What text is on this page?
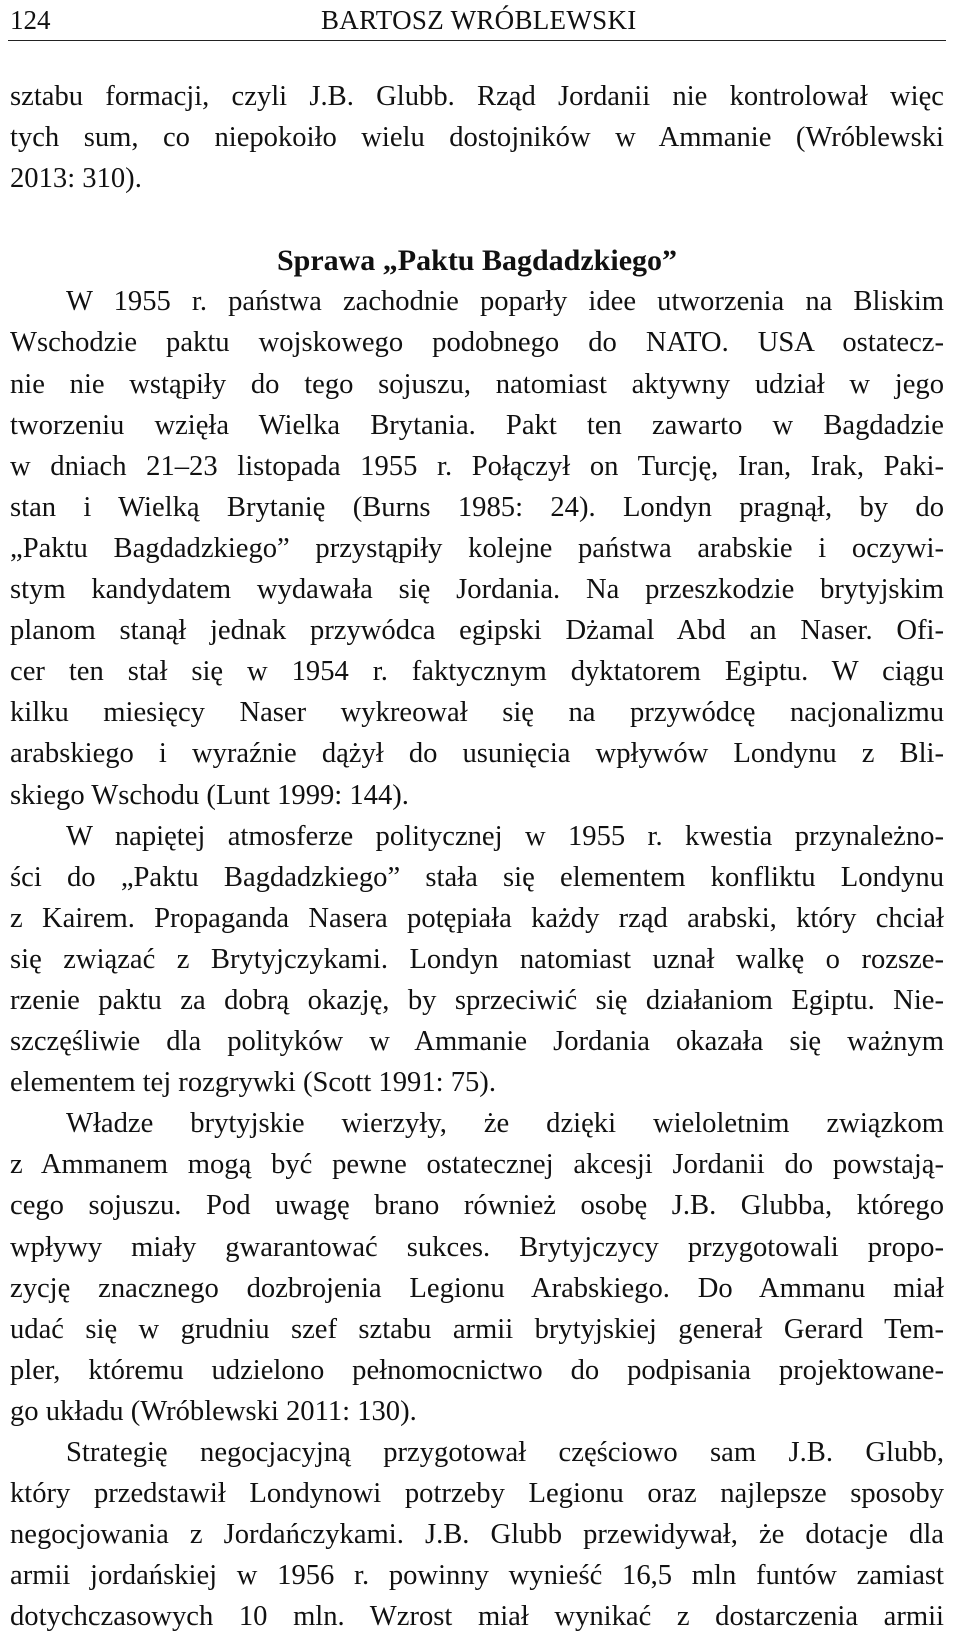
124	BARTOSZ WRÓBLEWSKI
sztabu formacji, czyli J.B. Glubb. Rząd Jordanii nie kontrolował więc
tych sum, co niepokoiło wielu dostojników w Ammanie (Wróblewski
2013: 310).
Sprawa „Paktu Bagdadzkiego”
W 1955 r. państwa zachodnie poparły idee utworzenia na Bliskim
Wschodzie paktu wojskowego podobnego do NATO. USA ostatecz-
nie nie wstąpiły do tego sojuszu, natomiast aktywny udział w jego
tworzeniu wzięła Wielka Brytania. Pakt ten zawarto w Bagdadzie
w dniach 21–23 listopada 1955 r. Połączył on Turcję, Iran, Irak, Paki-
stan i Wielką Brytanię (Burns 1985: 24). Londyn pragnął, by do
„Paktu Bagdadzkiego” przystąpiły kolejne państwa arabskie i oczywi-
stym kandydatem wydawała się Jordania. Na przeszkodzie brytyjskim
planom stanął jednak przywódca egipski Dżamal Abd an Naser. Ofi-
cer ten stał się w 1954 r. faktycznym dyktatorem Egiptu. W ciągu
kilku miesięcy Naser wykreował się na przywódcę nacjonalizmu
arabskiego i wyraźnie dążył do usunięcia wpływów Londynu z Bli-
skiego Wschodu (Lunt 1999: 144).
W napiętej atmosferze politycznej w 1955 r. kwestia przynależno-
ści do „Paktu Bagdadzkiego” stała się elementem konfliktu Londynu
z Kairem. Propaganda Nasera potępiała każdy rząd arabski, który chciał
się związać z Brytyjczykami. Londyn natomiast uznał walkę o rozsze-
rzenie paktu za dobrą okazję, by sprzeciwić się działaniom Egiptu. Nie-
szczęśliwie dla polityków w Ammanie Jordania okazała się ważnym
elementem tej rozgrywki (Scott 1991: 75).
Władze brytyjskie wierzyły, że dzięki wieloletnim związkom
z Ammanem mogą być pewne ostatecznej akcesji Jordanii do powstają-
cego sojuszu. Pod uwagę brano również osobę J.B. Glubba, którego
wpływy miały gwarantować sukces. Brytyjczycy przygotowali propo-
zycję znacznego dozbrojenia Legionu Arabskiego. Do Ammanu miał
udać się w grudniu szef sztabu armii brytyjskiej generał Gerard Tem-
pler, któremu udzielono pełnomocnictwo do podpisania projektowane-
go układu (Wróblewski 2011: 130).
Strategię negocjacyjną przygotował częściowo sam J.B. Glubb,
który przedstawił Londynowi potrzeby Legionu oraz najlepsze sposoby
negocjowania z Jordańczykami. J.B. Glubb przewidywał, że dotacje dla
armii jordańskiej w 1956 r. powinny wynieść 16,5 mln funtów zamiast
dotychczasowych 10 mln. Wzrost miał wynikać z dostarczenia armii
